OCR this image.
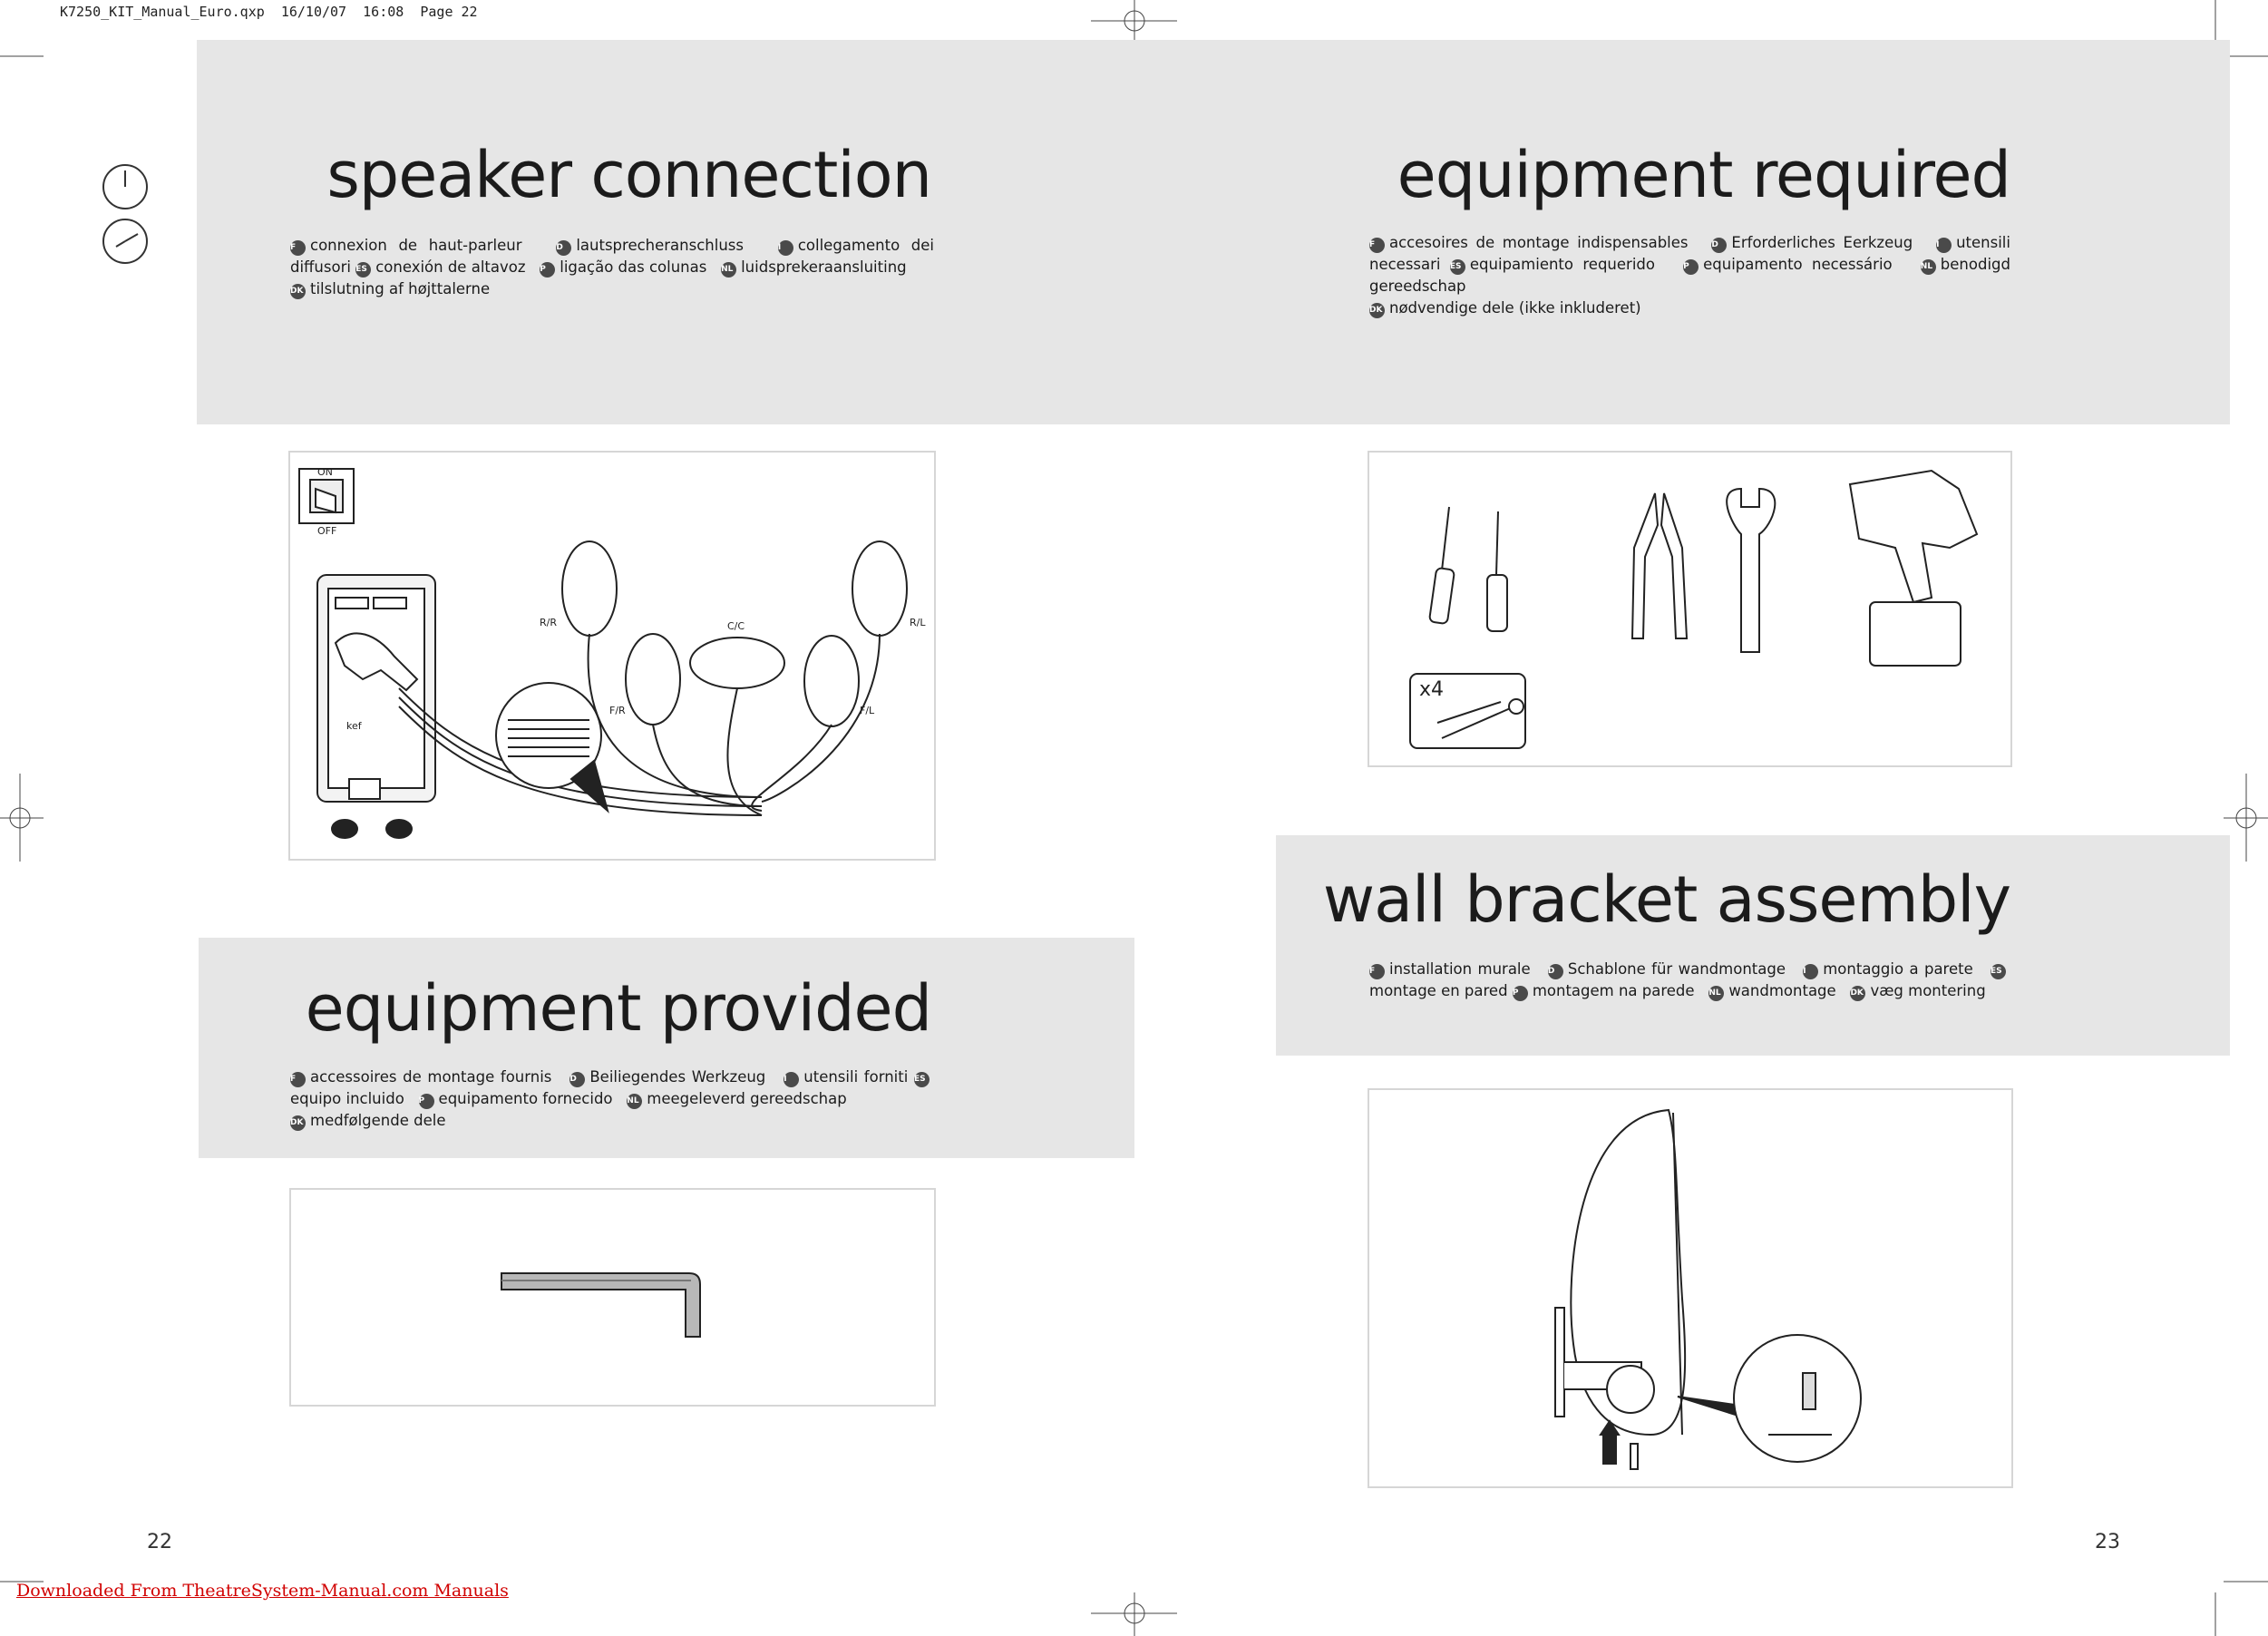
K7250_KIT_Manual_Euro.qxp  16/10/07  16:08  Page 22
speaker connection
F connexion de haut-parleur	D lautsprecheranschluss	I collegamento dei diffusori ES conexión de altavoz P ligação das colunas NL luidsprekeraansluiting
DK tilslutning af højttalerne
equipment required
F accesoires de montage indispensables	D Erforderliches Eerkzeug	I utensili necessari ES equipamiento requerido	P equipamento necessário	NL benodigd gereedschap
DK nødvendige dele (ikke inkluderet)
ON
OFF
R/R	R/L
C/C
F/R	F/L
kef
x4
wall bracket assembly
F installation murale D Schablone für wandmontage I montaggio a parete ESmontage en pared P montagem na parede NL wandmontage DK væg montering
equipment provided
F accessoires de montage fournis D Beiliegendes Werkzeug I utensili forniti ESequipo incluido P equipamento fornecido NL meegeleverd gereedschap
DK medfølgende dele
22	23
Downloaded From TheatreSystem-Manual.com Manuals
